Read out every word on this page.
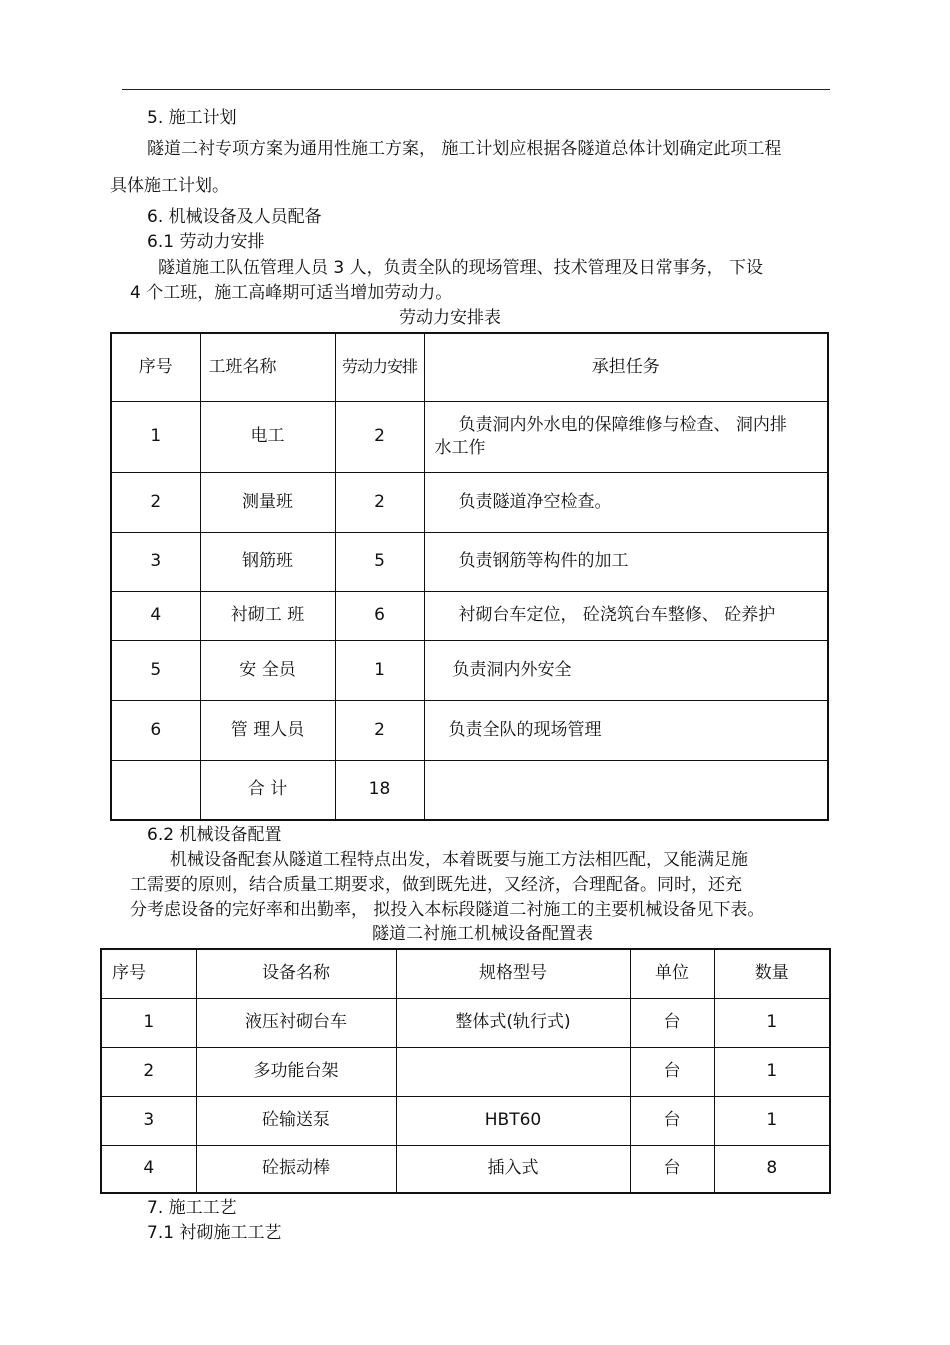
5. 施工计划
隧道二衬专项方案为通用性施工方案， 施工计划应根据各隧道总体计划确定此项工程
具体施工计划。
6. 机械设备及人员配备
6.1 劳动力安排
隧道施工队伍管理人员 3 人，负责全队的现场管理、技术管理及日常事务， 下设
4 个工班，施工高峰期可适当增加劳动力。
劳动力安排表
序号	工班名称	劳动力安排	承担任务
1	电工	2	负责洞内外水电的保障维修与检查、 洞内排水工作
2	测量班	2	负责隧道净空检查。
3	钢筋班	5	负责钢筋等构件的加工
4	衬砌工 班	6	衬砌台车定位， 砼浇筑台车整修、 砼养护
5	安 全员	1	负责洞内外安全
6	管 理人员	2	负责全队的现场管理
	合 计	18	
6.2 机械设备配置
机械设备配套从隧道工程特点出发，本着既要与施工方法相匹配，又能满足施
工需要的原则，结合质量工期要求，做到既先进，又经济，合理配备。同时，还充
分考虑设备的完好率和出勤率， 拟投入本标段隧道二衬施工的主要机械设备见下表。
隧道二衬施工机械设备配置表
序号	设备名称	规格型号	单位	数量
1	液压衬砌台车	整体式(轨行式)	台	1
2	多功能台架		台	1
3	砼输送泵	HBT60	台	1
4	砼振动棒	插入式	台	8
7. 施工工艺
7.1 衬砌施工工艺
